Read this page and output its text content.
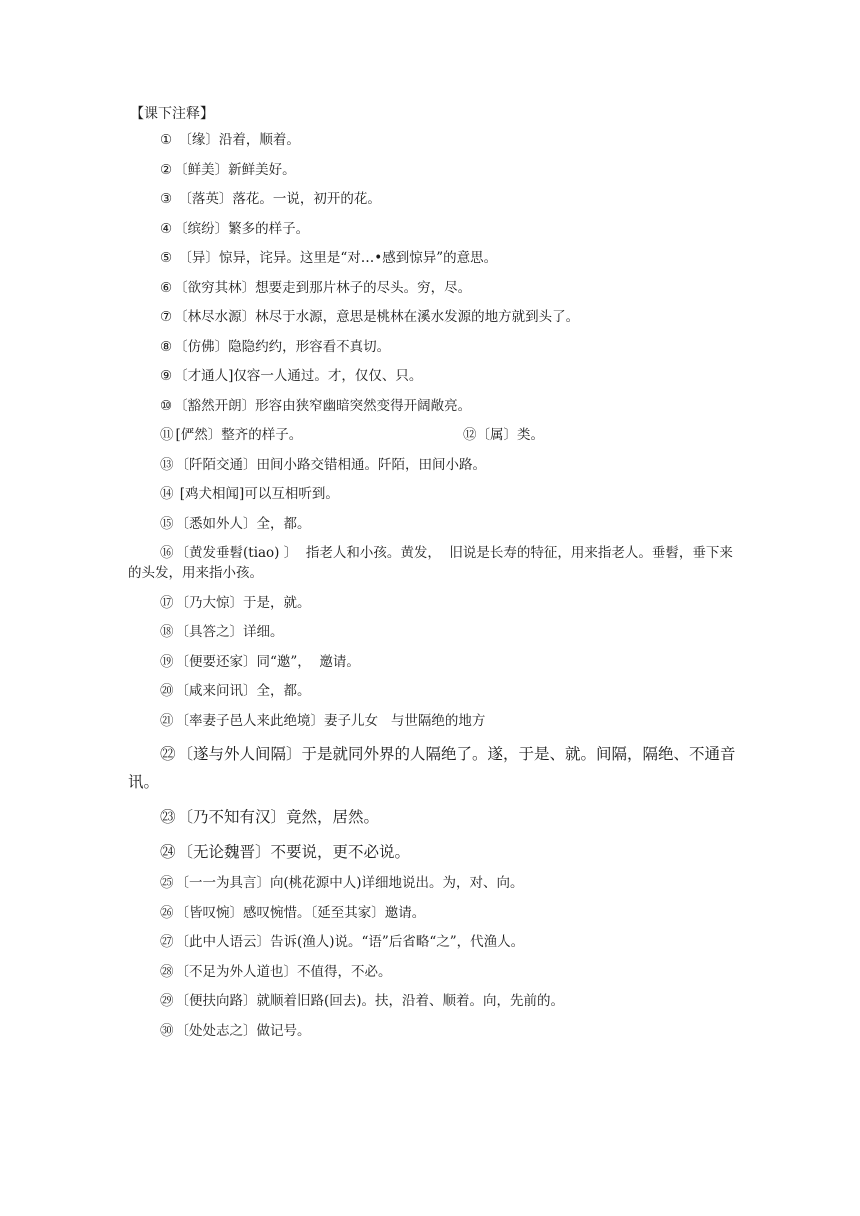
【课下注释】
① 〔缘〕沿着，顺着。
② 〔鲜美〕新鲜美好。
③ 〔落英〕落花。一说，初开的花。
④ 〔缤纷〕繁多的样子。
⑤ 〔异〕惊异，诧异。这里是“对…•感到惊异”的意思。
⑥ 〔欲穷其林〕想要走到那片林子的尽头。穷，尽。
⑦ 〔林尽水源〕林尽于水源，意思是桃林在溪水发源的地方就到头了。
⑧ 〔仿佛〕隐隐约约，形容看不真切。
⑨ 〔才通人]仅容一人通过。才，仅仅、只。
⑩ 〔豁然开朗〕形容由狭窄幽暗突然变得开阔敞亮。
⑪ [俨然〕整齐的样子。	⑫〔属〕类。
⑬ 〔阡陌交通〕田间小路交错相通。阡陌，田间小路。
⑭ [鸡犬相闻]可以互相听到。
⑮ 〔悉如外人〕全，都。
⑯ 〔黄发垂髫(tiao) 〕  指老人和小孩。黄发，  旧说是长寿的特征，用来指老人。垂髫，垂下来的头发，用来指小孩。
⑰ 〔乃大惊〕于是，就。
⑱ 〔具答之〕详细。
⑲ 〔便要还家〕同“邀”，  邀请。
⑳ 〔咸来问讯〕全，都。
㉑ 〔率妻子邑人来此绝境〕妻子儿女   与世隔绝的地方
㉒ 〔遂与外人间隔〕于是就同外界的人隔绝了。遂，于是、就。间隔，隔绝、不通音讯。
㉓ 〔乃不知有汉〕竟然，居然。
㉔ 〔无论魏晋〕不要说，更不必说。
㉕ 〔一一为具言〕向(桃花源中人)详细地说出。为，对、向。
㉖ 〔皆叹惋〕感叹惋惜。〔延至其家〕邀请。
㉗ 〔此中人语云〕告诉(渔人)说。“语”后省略“之”，代渔人。
㉘ 〔不足为外人道也〕不值得，不必。
㉙ 〔便扶向路〕就顺着旧路(回去)。扶，沿着、顺着。向，先前的。
㉚ 〔处处志之〕做记号。
